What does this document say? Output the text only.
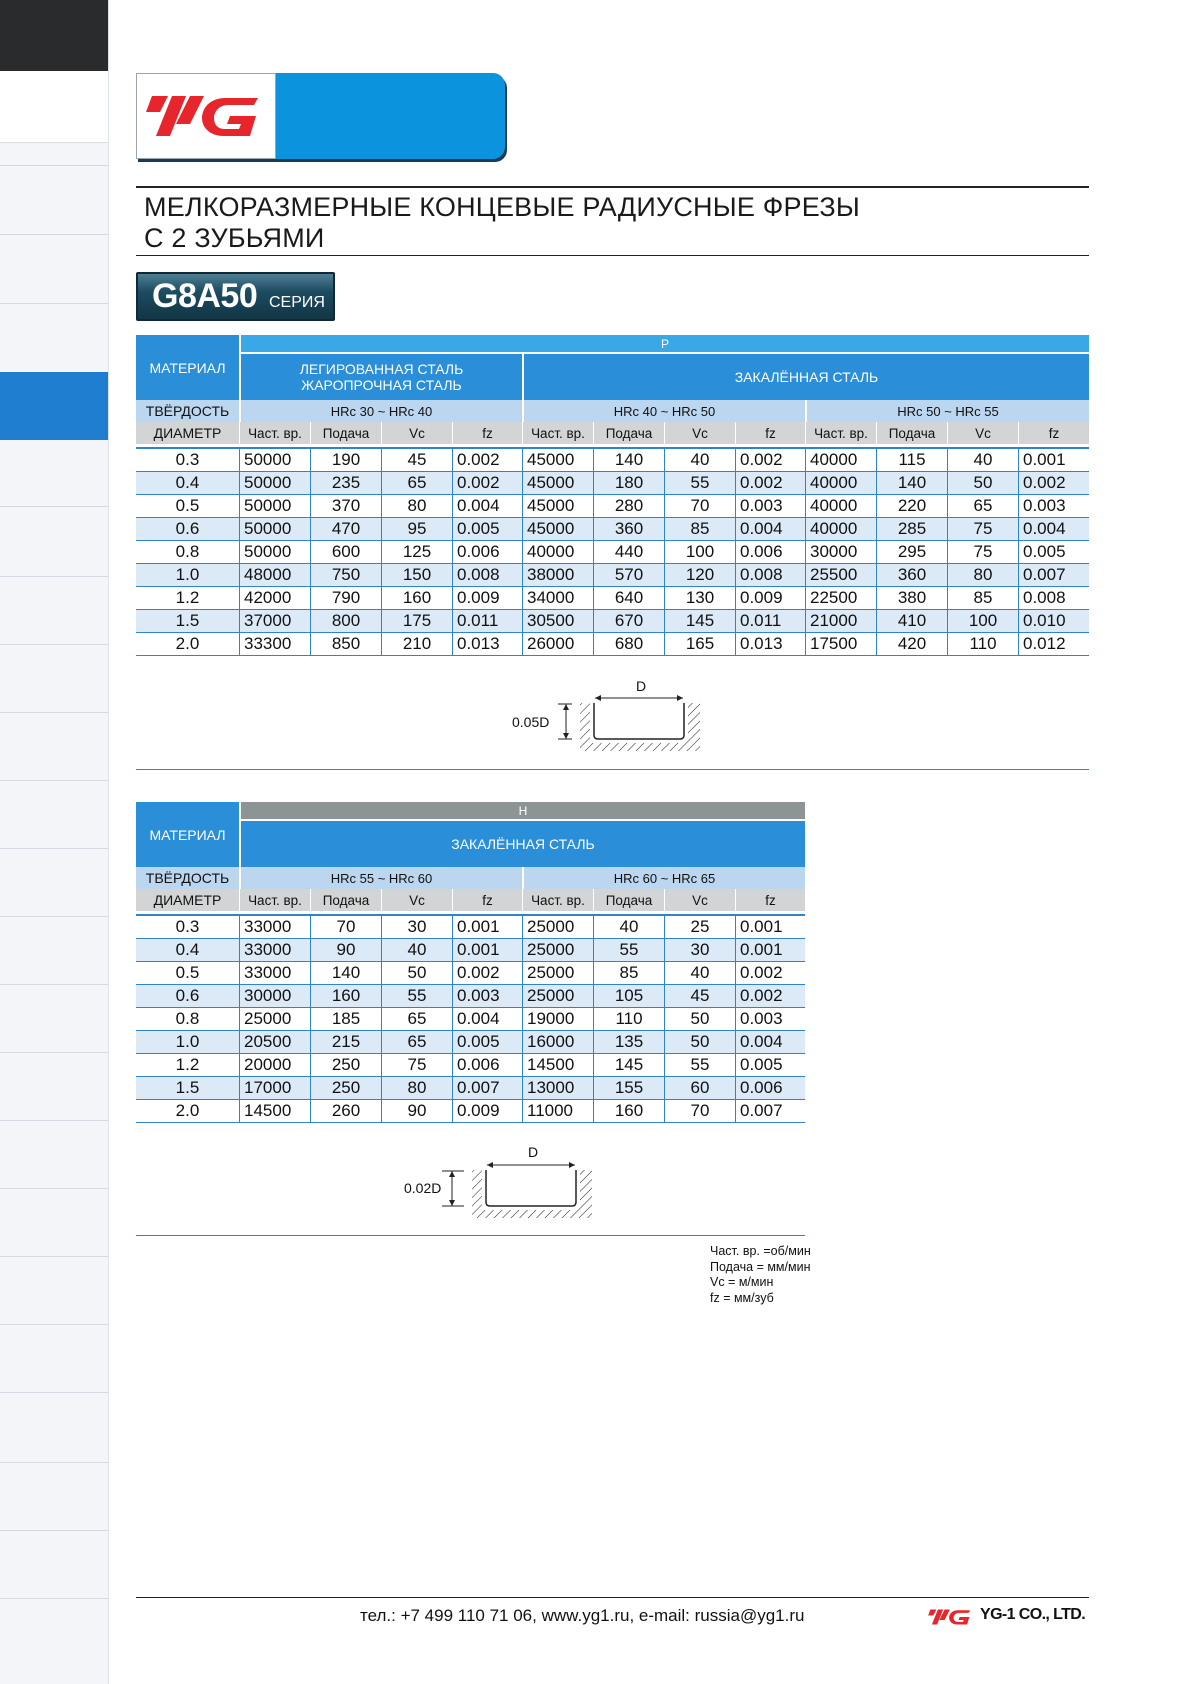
МЕЛКОРАЗМЕРНЫЕ КОНЦЕВЫЕ РАДИУСНЫЕ ФРЕЗЫ
С 2 ЗУБЬЯМИ
G8A50 СЕРИЯ
МАТЕРИАЛ
P
ЛЕГИРОВАННАЯ СТАЛЬ
ЖАРОПРОЧНАЯ СТАЛЬ	ЗАКАЛЁННАЯ СТАЛЬ
ТВЁРДОСТЬ	HRc 30 ~ HRc 40	HRc 40 ~ HRc 50	HRc 50 ~ HRc 55
ДИАМЕТР	Част. вр.	Подача	Vc	fz	Част. вр.	Подача	Vc	fz	Част. вр.	Подача	Vc	fz
0.3	50000	190	45	0.002	45000	140	40	0.002	40000	115	40	0.001
0.4	50000	235	65	0.002	45000	180	55	0.002	40000	140	50	0.002
0.5	50000	370	80	0.004	45000	280	70	0.003	40000	220	65	0.003
0.6	50000	470	95	0.005	45000	360	85	0.004	40000	285	75	0.004
0.8	50000	600	125	0.006	40000	440	100	0.006	30000	295	75	0.005
1.0	48000	750	150	0.008	38000	570	120	0.008	25500	360	80	0.007
1.2	42000	790	160	0.009	34000	640	130	0.009	22500	380	85	0.008
1.5	37000	800	175	0.011	30500	670	145	0.011	21000	410	100	0.010
2.0	33300	850	210	0.013	26000	680	165	0.013	17500	420	110	0.012
D
0.05D
МАТЕРИАЛ
H
ЗАКАЛЁННАЯ СТАЛЬ
ТВЁРДОСТЬ	HRc 55 ~ HRc 60	HRc 60 ~ HRc 65
ДИАМЕТР	Част. вр.	Подача	Vc	fz	Част. вр.	Подача	Vc	fz
0.3	33000	70	30	0.001	25000	40	25	0.001
0.4	33000	90	40	0.001	25000	55	30	0.001
0.5	33000	140	50	0.002	25000	85	40	0.002
0.6	30000	160	55	0.003	25000	105	45	0.002
0.8	25000	185	65	0.004	19000	110	50	0.003
1.0	20500	215	65	0.005	16000	135	50	0.004
1.2	20000	250	75	0.006	14500	145	55	0.005
1.5	17000	250	80	0.007	13000	155	60	0.006
2.0	14500	260	90	0.009	11000	160	70	0.007
D
0.02D
Част. вр. =об/мин
Подача = мм/мин
Vc = м/мин
fz = мм/зуб
тел.: +7 499 110 71 06, www.yg1.ru, e-mail: russia@yg1.ru	YG-1 CO., LTD.
